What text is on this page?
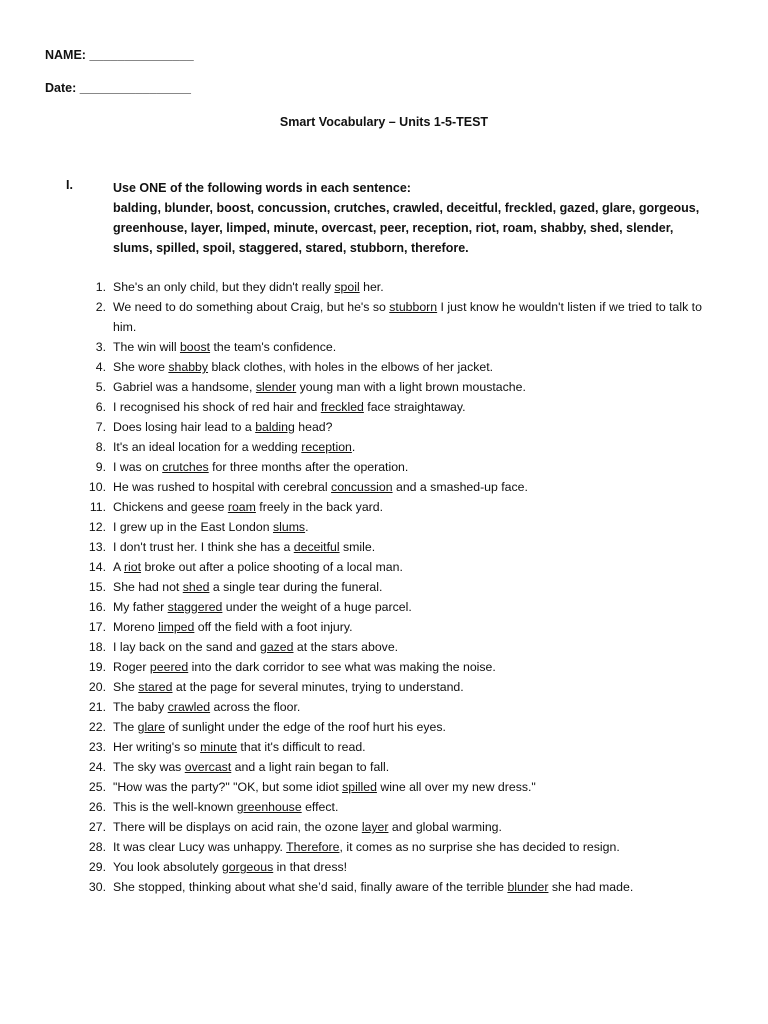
NAME: _______________
Date: ________________
Smart Vocabulary – Units 1-5-TEST
I.	Use ONE of the following words in each sentence:
balding, blunder, boost, concussion, crutches, crawled, deceitful, freckled, gazed, glare, gorgeous, greenhouse, layer, limped, minute, overcast, peer, reception, riot, roam, shabby, shed, slender, slums, spilled, spoil, staggered, stared, stubborn, therefore.
1. She's an only child, but they didn't really spoil her.
2. We need to do something about Craig, but he's so stubborn I just know he wouldn't listen if we tried to talk to him.
3. The win will boost the team's confidence.
4. She wore shabby black clothes, with holes in the elbows of her jacket.
5. Gabriel was a handsome, slender young man with a light brown moustache.
6. I recognised his shock of red hair and freckled face straightaway.
7. Does losing hair lead to a balding head?
8. It's an ideal location for a wedding reception.
9. I was on crutches for three months after the operation.
10. He was rushed to hospital with cerebral concussion and a smashed-up face.
11. Chickens and geese roam freely in the back yard.
12. I grew up in the East London slums.
13. I don't trust her. I think she has a deceitful smile.
14. A riot broke out after a police shooting of a local man.
15. She had not shed a single tear during the funeral.
16. My father staggered under the weight of a huge parcel.
17. Moreno limped off the field with a foot injury.
18. I lay back on the sand and gazed at the stars above.
19. Roger peered into the dark corridor to see what was making the noise.
20. She stared at the page for several minutes, trying to understand.
21. The baby crawled across the floor.
22. The glare of sunlight under the edge of the roof hurt his eyes.
23. Her writing's so minute that it's difficult to read.
24. The sky was overcast and a light rain began to fall.
25. "How was the party?" "OK, but some idiot spilled wine all over my new dress."
26. This is the well-known greenhouse effect.
27. There will be displays on acid rain, the ozone layer and global warming.
28. It was clear Lucy was unhappy. Therefore, it comes as no surprise she has decided to resign.
29. You look absolutely gorgeous in that dress!
30. She stopped, thinking about what she’d said, finally aware of the terrible blunder she had made.
